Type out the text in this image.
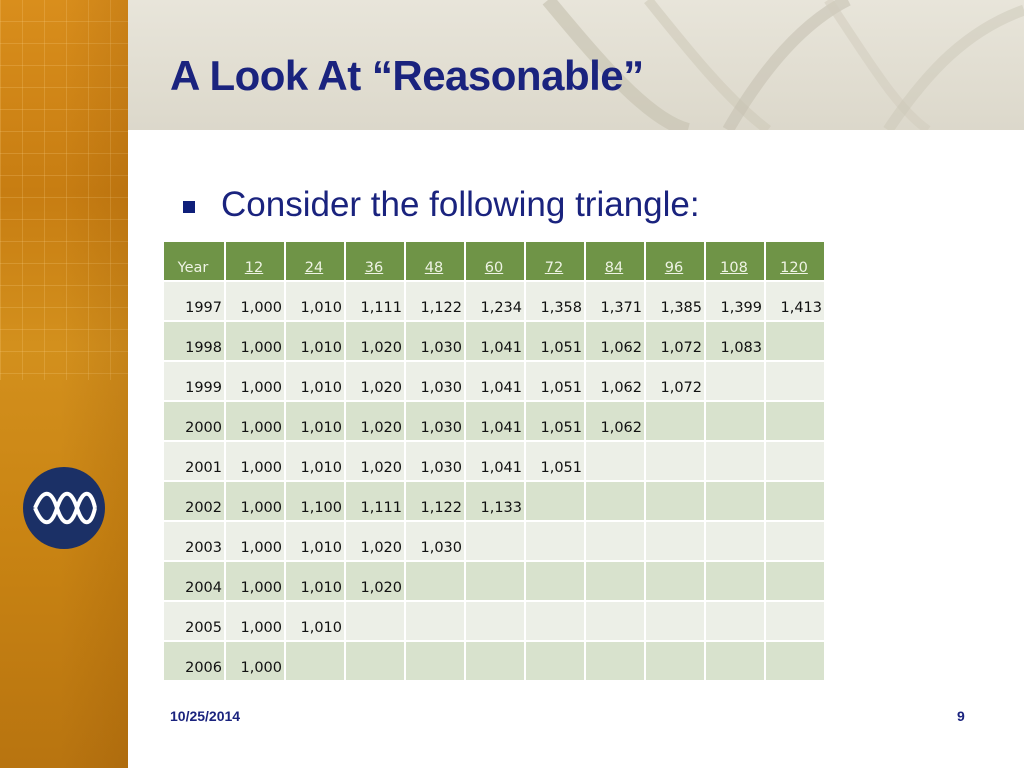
A Look At “Reasonable”
Consider the following triangle:
Year	12	24	36	48	60	72	84	96	108	120
1997	1,000	1,010	1,111	1,122	1,234	1,358	1,371	1,385	1,399	1,413
1998	1,000	1,010	1,020	1,030	1,041	1,051	1,062	1,072	1,083	
1999	1,000	1,010	1,020	1,030	1,041	1,051	1,062	1,072		
2000	1,000	1,010	1,020	1,030	1,041	1,051	1,062			
2001	1,000	1,010	1,020	1,030	1,041	1,051				
2002	1,000	1,100	1,111	1,122	1,133					
2003	1,000	1,010	1,020	1,030						
2004	1,000	1,010	1,020							
2005	1,000	1,010								
2006	1,000									
10/25/2014	9
